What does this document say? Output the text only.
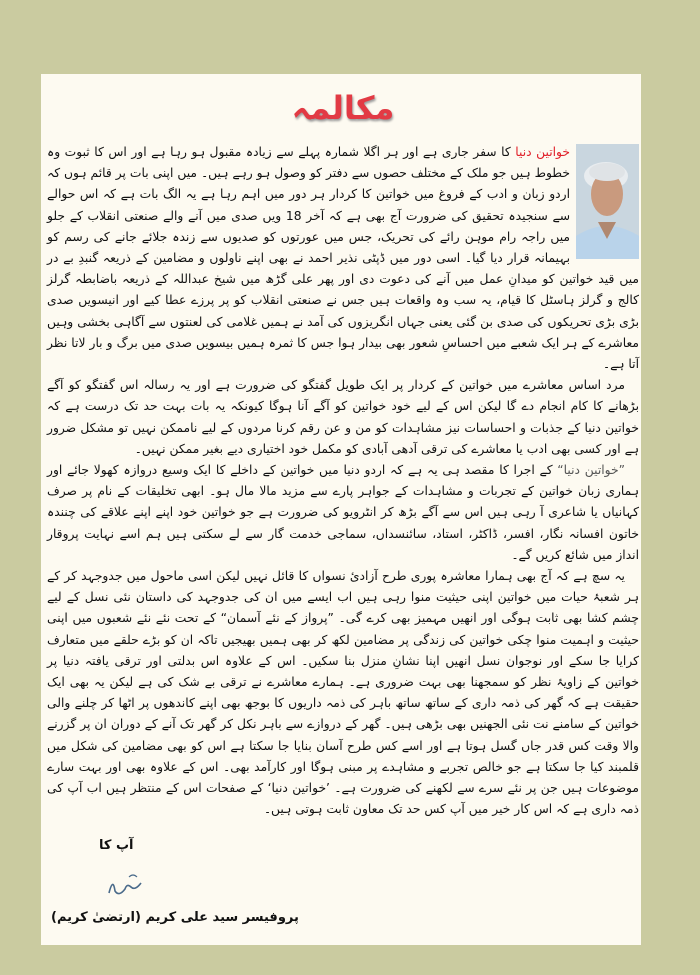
مکالمہ

خواتین دنیا کا سفر جاری ہے اور ہر اگلا شمارہ پہلے سے زیادہ مقبول ہو رہا ہے اور اس کا ثبوت وہ خطوط ہیں جو ملک کے مختلف حصوں سے دفتر کو وصول ہو رہے ہیں۔ میں اپنی بات پر قائم ہوں کہ اردو زبان و ادب کے فروغ میں خواتین کا کردار ہر دور میں اہم رہا ہے یہ الگ بات ہے کہ اس حوالے سے سنجیدہ تحقیق کی ضرورت آج بھی ہے کہ آخر 18 ویں صدی میں آنے والے صنعتی انقلاب کے جلو میں راجہ رام موہن رائے کی تحریک، جس میں عورتوں کو صدیوں سے زندہ جلائے جانے کی رسم کو بہیمانہ قرار دیا گیا۔ اسی دور میں ڈپٹی نذیر احمد نے بھی اپنے ناولوں و مضامین کے ذریعہ گنبدِ بے در میں قید خواتین کو میدانِ عمل میں آنے کی دعوت دی اور پھر علی گڑھ میں شیخ عبداللہ کے ذریعہ باضابطہ گرلز کالج و گرلز ہاسٹل کا قیام، یہ سب وہ واقعات ہیں جس نے صنعتی انقلاب کو پر پرزے عطا کیے اور انیسویں صدی بڑی بڑی تحریکوں کی صدی بن گئی یعنی جہاں انگریزوں کی آمد نے ہمیں غلامی کی لعنتوں سے آگاہی بخشی وہیں معاشرے کے ہر ایک شعبے میں احساسِ شعور بھی بیدار ہوا جس کا ثمرہ ہمیں بیسویں صدی میں برگ و بار لاتا نظر آتا ہے۔

مرد اساس معاشرے میں خواتین کے کردار پر ایک طویل گفتگو کی ضرورت ہے اور یہ رسالہ اس گفتگو کو آگے بڑھانے کا کام انجام دے گا لیکن اس کے لیے خود خواتین کو آگے آنا ہوگا کیونکہ یہ بات بہت حد تک درست ہے کہ خواتین دنیا کے جذبات و احساسات نیز مشاہدات کو من و عن رقم کرنا مردوں کے لیے ناممکن نہیں تو مشکل ضرور ہے اور کسی بھی ادب یا معاشرے کی ترقی آدھی آبادی کو مکمل خود اختیاری دیے بغیر ممکن نہیں۔

”خواتین دنیا“ کے اجرا کا مقصد ہی یہ ہے کہ اردو دنیا میں خواتین کے داخلے کا ایک وسیع دروازہ کھولا جائے اور ہماری زبان خواتین کے تجربات و مشاہدات کے جواہر پارے سے مزید مالا مال ہو۔ ابھی تخلیقات کے نام پر صرف کہانیاں یا شاعری آ رہی ہیں اس سے آگے بڑھ کر انٹرویو کی ضرورت ہے جو خواتین خود اپنے اپنے علاقے کی چنندہ خاتون افسانہ نگار، افسر، ڈاکٹر، استاد، سائنسداں، سماجی خدمت گار سے لے سکتی ہیں ہم اسے نہایت پروقار انداز میں شائع کریں گے۔

یہ سچ ہے کہ آج بھی ہمارا معاشرہ پوری طرح آزادیٔ نسواں کا قائل نہیں لیکن اسی ماحول میں جدوجہد کر کے ہر شعبۂ حیات میں خواتین اپنی حیثیت منوا رہی ہیں اب ایسے میں ان کی جدوجہد کی داستان نئی نسل کے لیے چشم کشا بھی ثابت ہوگی اور انھیں مہمیز بھی کرے گی۔ ”پرواز کے نئے آسمان“ کے تحت نئے نئے شعبوں میں اپنی حیثیت و اہمیت منوا چکی خواتین کی زندگی پر مضامین لکھ کر بھی ہمیں بھیجیں تاکہ ان کو بڑے حلقے میں متعارف کرایا جا سکے اور نوجوان نسل انھیں اپنا نشانِ منزل بنا سکیں۔ اس کے علاوہ اس بدلتی اور ترقی یافتہ دنیا پر خواتین کے زاویۂ نظر کو سمجھنا بھی بہت ضروری ہے۔ ہمارے معاشرے نے ترقی بے شک کی ہے لیکن یہ بھی ایک حقیقت ہے کہ گھر کی ذمہ داری کے ساتھ ساتھ باہر کی ذمہ داریوں کا بوجھ بھی اپنے کاندھوں پر اٹھا کر چلنے والی خواتین کے سامنے نت نئی الجھنیں بھی بڑھی ہیں۔ گھر کے دروازے سے باہر نکل کر گھر تک آنے کے دوران ان پر گزرنے والا وقت کس قدر جاں گسل ہوتا ہے اور اسے کس طرح آسان بنایا جا سکتا ہے اس کو بھی مضامین کی شکل میں قلمبند کیا جا سکتا ہے جو خالص تجربے و مشاہدے پر مبنی ہوگا اور کارآمد بھی۔ اس کے علاوہ بھی اور بہت سارے موضوعات ہیں جن پر نئے سرے سے لکھنے کی ضرورت ہے۔ ’خواتین دنیا‘ کے صفحات اس کے منتظر ہیں اب آپ کی ذمہ داری ہے کہ اس کار خیر میں آپ کس حد تک معاون ثابت ہوتی ہیں۔

آپ کا
پروفیسر سید علی کریم (ارتضیٰ کریم)
